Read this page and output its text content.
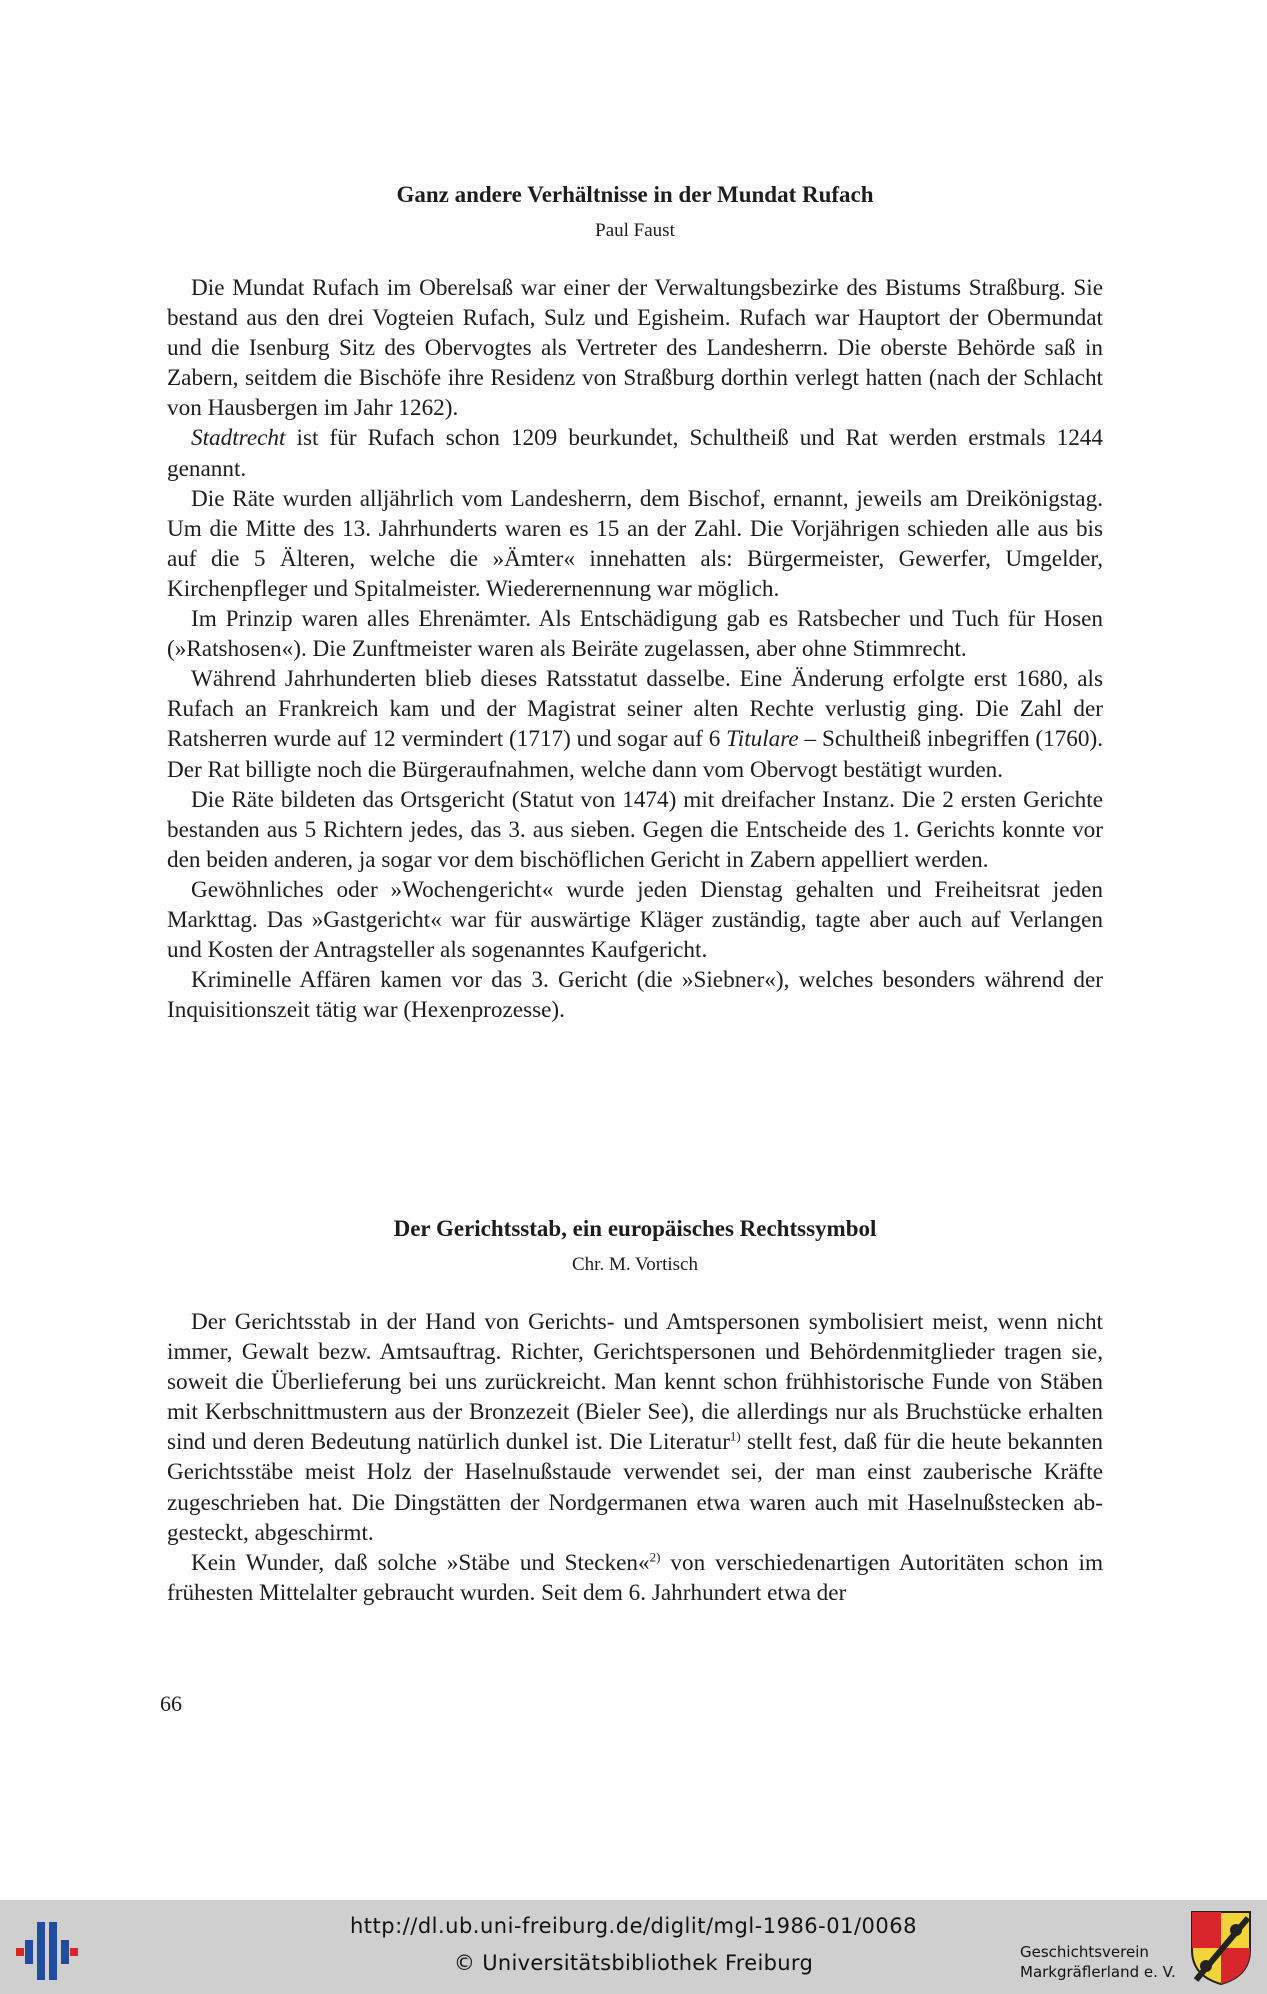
Ganz andere Verhältnisse in der Mundat Rufach
Paul Faust

Die Mundat Rufach im Oberelsaß war einer der Verwaltungsbezirke des Bistums Straßburg. Sie bestand aus den drei Vogteien Rufach, Sulz und Egisheim. Rufach war Hauptort der Obermundat und die Isenburg Sitz des Obervogtes als Vertreter des Landesherrn. Die oberste Behörde saß in Zabern, seitdem die Bischöfe ihre Residenz von Straßburg dorthin verlegt hatten (nach der Schlacht von Hausbergen im Jahr 1262).

Stadtrecht ist für Rufach schon 1209 beurkundet, Schultheiß und Rat werden erstmals 1244 genannt.

Die Räte wurden alljährlich vom Landesherrn, dem Bischof, ernannt, jeweils am Dreikönigstag. Um die Mitte des 13. Jahrhunderts waren es 15 an der Zahl. Die Vorjährigen schieden alle aus bis auf die 5 Älteren, welche die »Ämter« innehatten als: Bürgermeister, Gewerfer, Umgelder, Kirchenpfleger und Spitalmeister. Wiederernennung war möglich.

Im Prinzip waren alles Ehrenämter. Als Entschädigung gab es Ratsbecher und Tuch für Hosen (»Ratshosen«). Die Zunftmeister waren als Beiräte zugelassen, aber ohne Stimmrecht.

Während Jahrhunderten blieb dieses Ratsstatut dasselbe. Eine Änderung erfolgte erst 1680, als Rufach an Frankreich kam und der Magistrat seiner alten Rechte verlustig ging. Die Zahl der Ratsherren wurde auf 12 vermindert (1717) und sogar auf 6 Titulare – Schultheiß inbegriffen (1760). Der Rat billigte noch die Bürgeraufnahmen, welche dann vom Obervogt bestätigt wurden.

Die Räte bildeten das Ortsgericht (Statut von 1474) mit dreifacher Instanz. Die 2 ersten Gerichte bestanden aus 5 Richtern jedes, das 3. aus sieben. Gegen die Entscheide des 1. Gerichts konnte vor den beiden anderen, ja sogar vor dem bischöflichen Gericht in Zabern appelliert werden.

Gewöhnliches oder »Wochengericht« wurde jeden Dienstag gehalten und Freiheitsrat jeden Markttag. Das »Gastgericht« war für auswärtige Kläger zuständig, tagte aber auch auf Verlangen und Kosten der Antragsteller als sogenanntes Kaufgericht.

Kriminelle Affären kamen vor das 3. Gericht (die »Siebner«), welches besonders während der Inquisitionszeit tätig war (Hexenprozesse).

Der Gerichtsstab, ein europäisches Rechtssymbol
Chr. M. Vortisch

Der Gerichtsstab in der Hand von Gerichts- und Amtspersonen symbolisiert meist, wenn nicht immer, Gewalt bezw. Amtsauftrag. Richter, Gerichtspersonen und Behördenmitglieder tragen sie, soweit die Überlieferung bei uns zurückreicht. Man kennt schon frühhistorische Funde von Stäben mit Kerbschnittmustern aus der Bronzezeit (Bieler See), die allerdings nur als Bruchstücke erhalten sind und deren Bedeutung natürlich dunkel ist. Die Literatur$^{1)}$ stellt fest, daß für die heute bekannten Gerichtsstäbe meist Holz der Haselnußstaude verwendet sei, der man einst zauberische Kräfte zugeschrieben hat. Die Dingstätten der Nordgermanen etwa waren auch mit Haselnußstecken abgesteckt, abgeschirmt.

Kein Wunder, daß solche »Stäbe und Stecken«$^{2)}$ von verschiedenartigen Autoritäten schon im frühesten Mittelalter gebraucht wurden. Seit dem 6. Jahrhundert etwa der

66
http://dl.ub.uni-freiburg.de/diglit/mgl-1986-01/0068
© Universitätsbibliothek Freiburg	Geschichtsverein
Markgräflerland e. V.
